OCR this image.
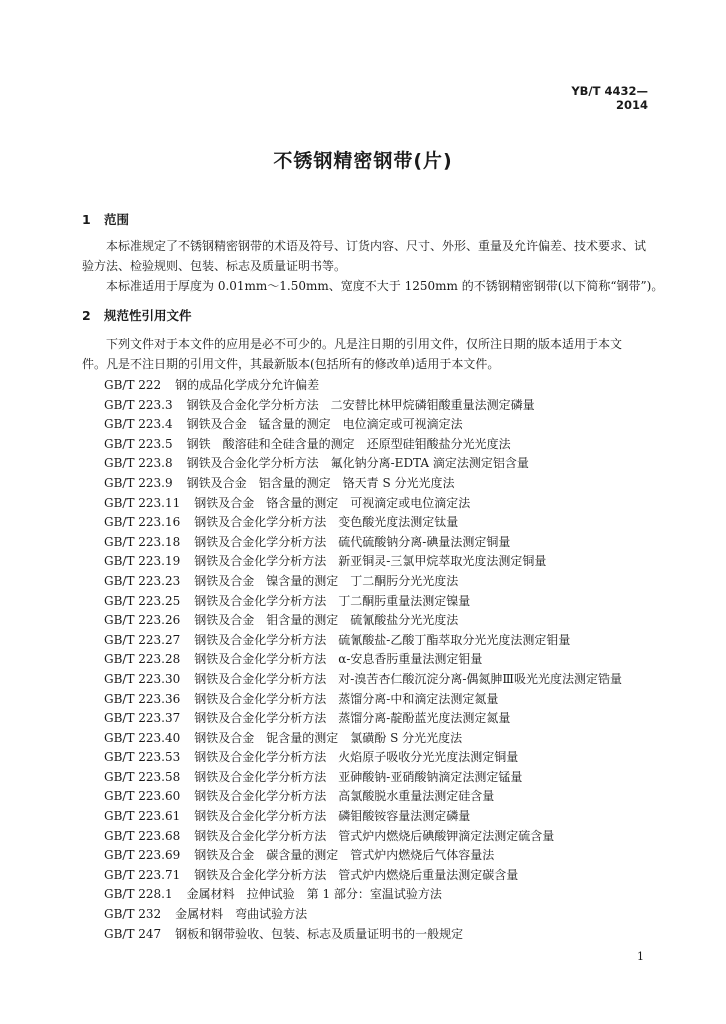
YB/T 4432—2014
不锈钢精密钢带(片)
1 范围
本标准规定了不锈钢精密钢带的术语及符号、订货内容、尺寸、外形、重量及允许偏差、技术要求、试
验方法、检验规则、包装、标志及质量证明书等。
本标准适用于厚度为 0.01mm～1.50mm、宽度不大于 1250mm 的不锈钢精密钢带(以下简称“钢带”)。
2 规范性引用文件
下列文件对于本文件的应用是必不可少的。凡是注日期的引用文件，仅所注日期的版本适用于本文
件。凡是不注日期的引用文件，其最新版本(包括所有的修改单)适用于本文件。
GB/T 222 钢的成品化学成分允许偏差
GB/T 223.3 钢铁及合金化学分析方法　二安替比林甲烷磷钼酸重量法测定磷量
GB/T 223.4 钢铁及合金　锰含量的测定　电位滴定或可视滴定法
GB/T 223.5 钢铁　酸溶硅和全硅含量的测定　还原型硅钼酸盐分光光度法
GB/T 223.8 钢铁及合金化学分析方法　氟化钠分离-EDTA 滴定法测定铝含量
GB/T 223.9 钢铁及合金　铝含量的测定　铬天青 S 分光光度法
GB/T 223.11 钢铁及合金　铬含量的测定　可视滴定或电位滴定法
GB/T 223.16 钢铁及合金化学分析方法　变色酸光度法测定钛量
GB/T 223.18 钢铁及合金化学分析方法　硫代硫酸钠分离-碘量法测定铜量
GB/T 223.19 钢铁及合金化学分析方法　新亚铜灵-三氯甲烷萃取光度法测定铜量
GB/T 223.23 钢铁及合金　镍含量的测定　丁二酮肟分光光度法
GB/T 223.25 钢铁及合金化学分析方法　丁二酮肟重量法测定镍量
GB/T 223.26 钢铁及合金　钼含量的测定　硫氰酸盐分光光度法
GB/T 223.27 钢铁及合金化学分析方法　硫氰酸盐-乙酸丁酯萃取分光光度法测定钼量
GB/T 223.28 钢铁及合金化学分析方法　α-安息香肟重量法测定钼量
GB/T 223.30 钢铁及合金化学分析方法　对-溴苦杏仁酸沉淀分离-偶氮胂Ⅲ吸光光度法测定锆量
GB/T 223.36 钢铁及合金化学分析方法　蒸馏分离-中和滴定法测定氮量
GB/T 223.37 钢铁及合金化学分析方法　蒸馏分离-靛酚蓝光度法测定氮量
GB/T 223.40 钢铁及合金　铌含量的测定　氯磺酚 S 分光光度法
GB/T 223.53 钢铁及合金化学分析方法　火焰原子吸收分光光度法测定铜量
GB/T 223.58 钢铁及合金化学分析方法　亚砷酸钠-亚硝酸钠滴定法测定锰量
GB/T 223.60 钢铁及合金化学分析方法　高氯酸脱水重量法测定硅含量
GB/T 223.61 钢铁及合金化学分析方法　磷钼酸铵容量法测定磷量
GB/T 223.68 钢铁及合金化学分析方法　管式炉内燃烧后碘酸钾滴定法测定硫含量
GB/T 223.69 钢铁及合金　碳含量的测定　管式炉内燃烧后气体容量法
GB/T 223.71 钢铁及合金化学分析方法　管式炉内燃烧后重量法测定碳含量
GB/T 228.1 金属材料　拉伸试验　第 1 部分：室温试验方法
GB/T 232 金属材料　弯曲试验方法
GB/T 247 钢板和钢带验收、包装、标志及质量证明书的一般规定
1
